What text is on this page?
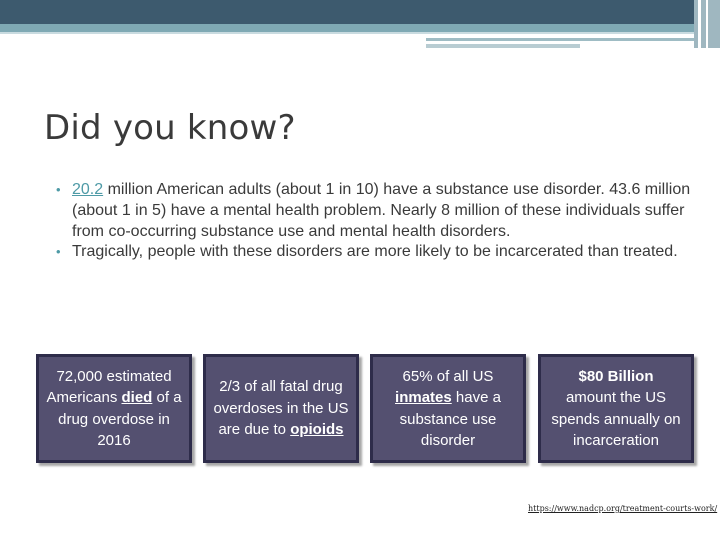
Did you know?
• 20.2 million American adults (about 1 in 10) have a substance use disorder. 43.6 million (about 1 in 5) have a mental health problem. Nearly 8 million of these individuals suffer from co-occurring substance use and mental health disorders.
• Tragically, people with these disorders are more likely to be incarcerated than treated.

72,000 estimated Americans died of a drug overdose in 2016

2/3 of all fatal drug overdoses in the US are due to opioids

65% of all US inmates have a substance use disorder

$80 Billion
amount the US spends annually on incarceration

https://www.nadcp.org/treatment-courts-work/
